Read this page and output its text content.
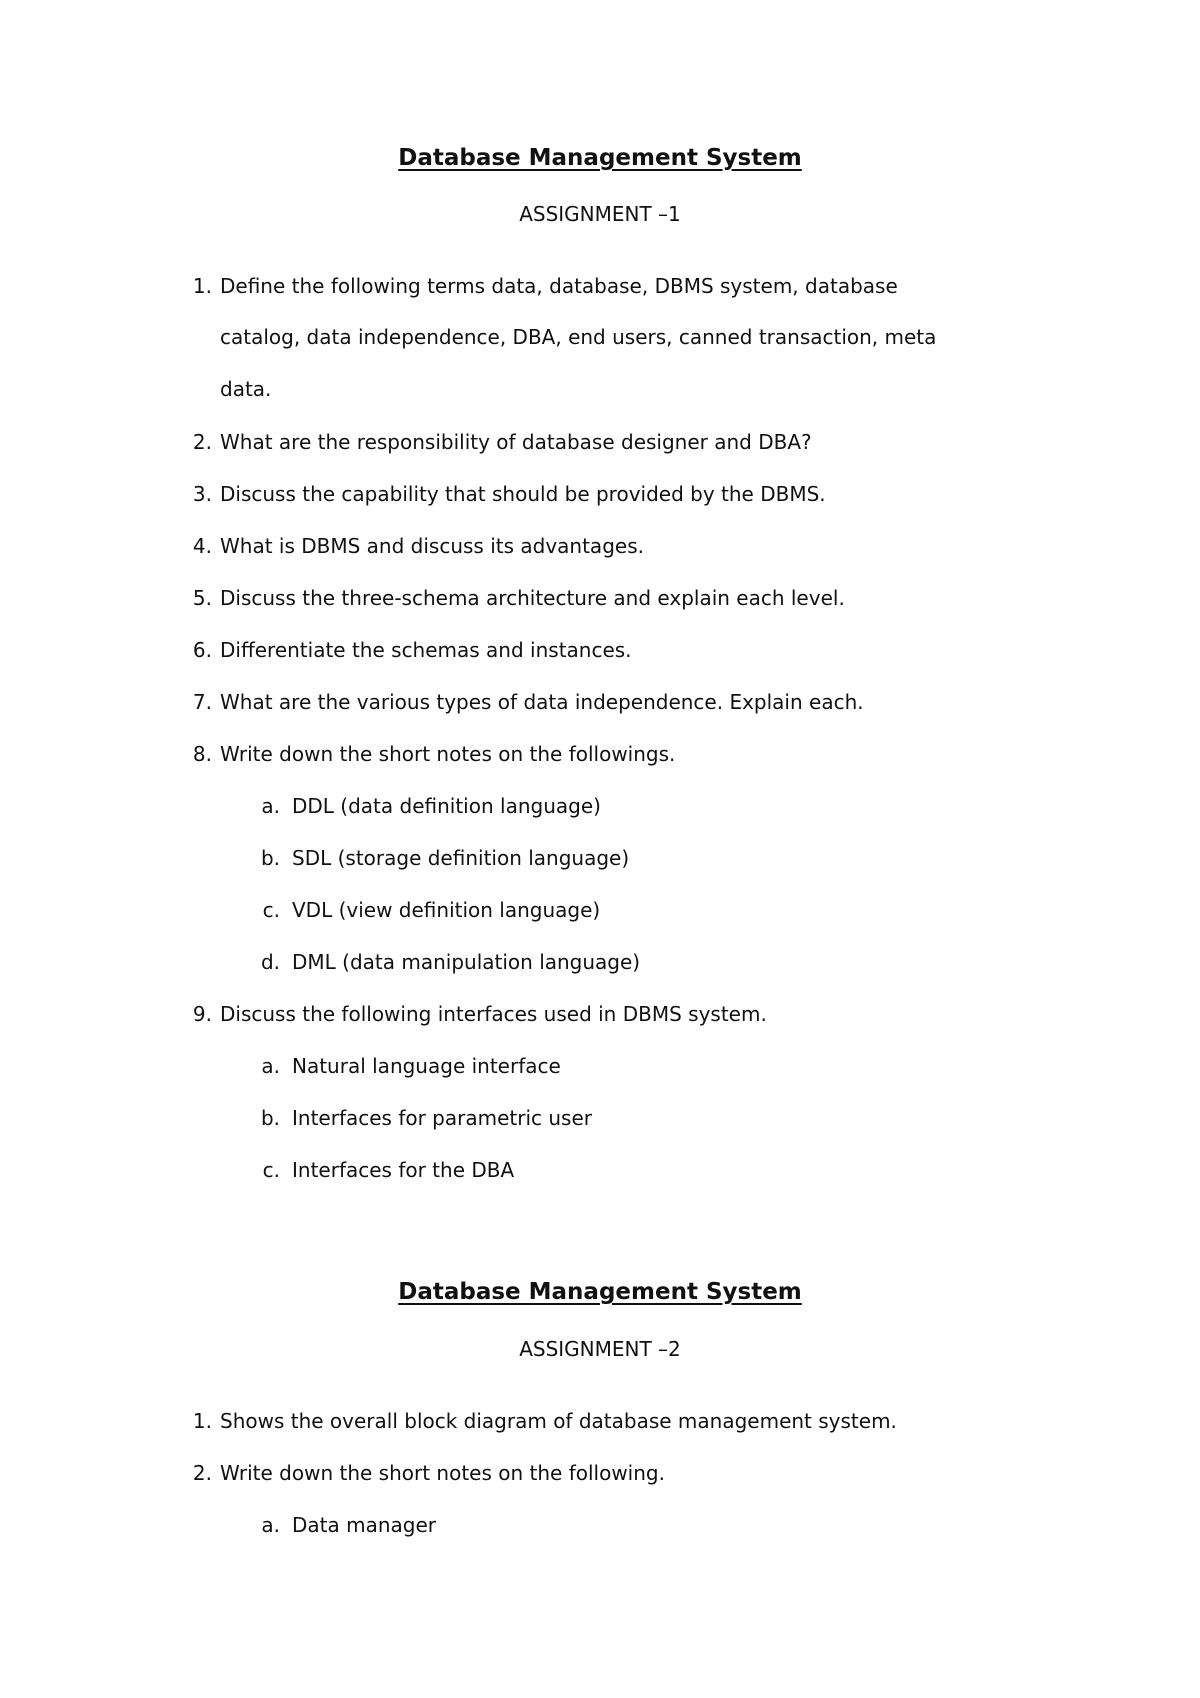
Database Management System
ASSIGNMENT –1
1. Define the following terms data, database, DBMS system, database
catalog, data independence, DBA, end users, canned transaction, meta
data.
2. What are the responsibility of database designer and DBA?
3. Discuss the capability that should be provided by the DBMS.
4. What is DBMS and discuss its advantages.
5. Discuss the three-schema architecture and explain each level.
6. Differentiate the schemas and instances.
7. What are the various types of data independence. Explain each.
8. Write down the short notes on the followings.
a. DDL (data definition language)
b. SDL (storage definition language)
c. VDL (view definition language)
d. DML (data manipulation language)
9. Discuss the following interfaces used in DBMS system.
a. Natural language interface
b. Interfaces for parametric user
c. Interfaces for the DBA
Database Management System
ASSIGNMENT –2
1. Shows the overall block diagram of database management system.
2. Write down the short notes on the following.
a. Data manager
